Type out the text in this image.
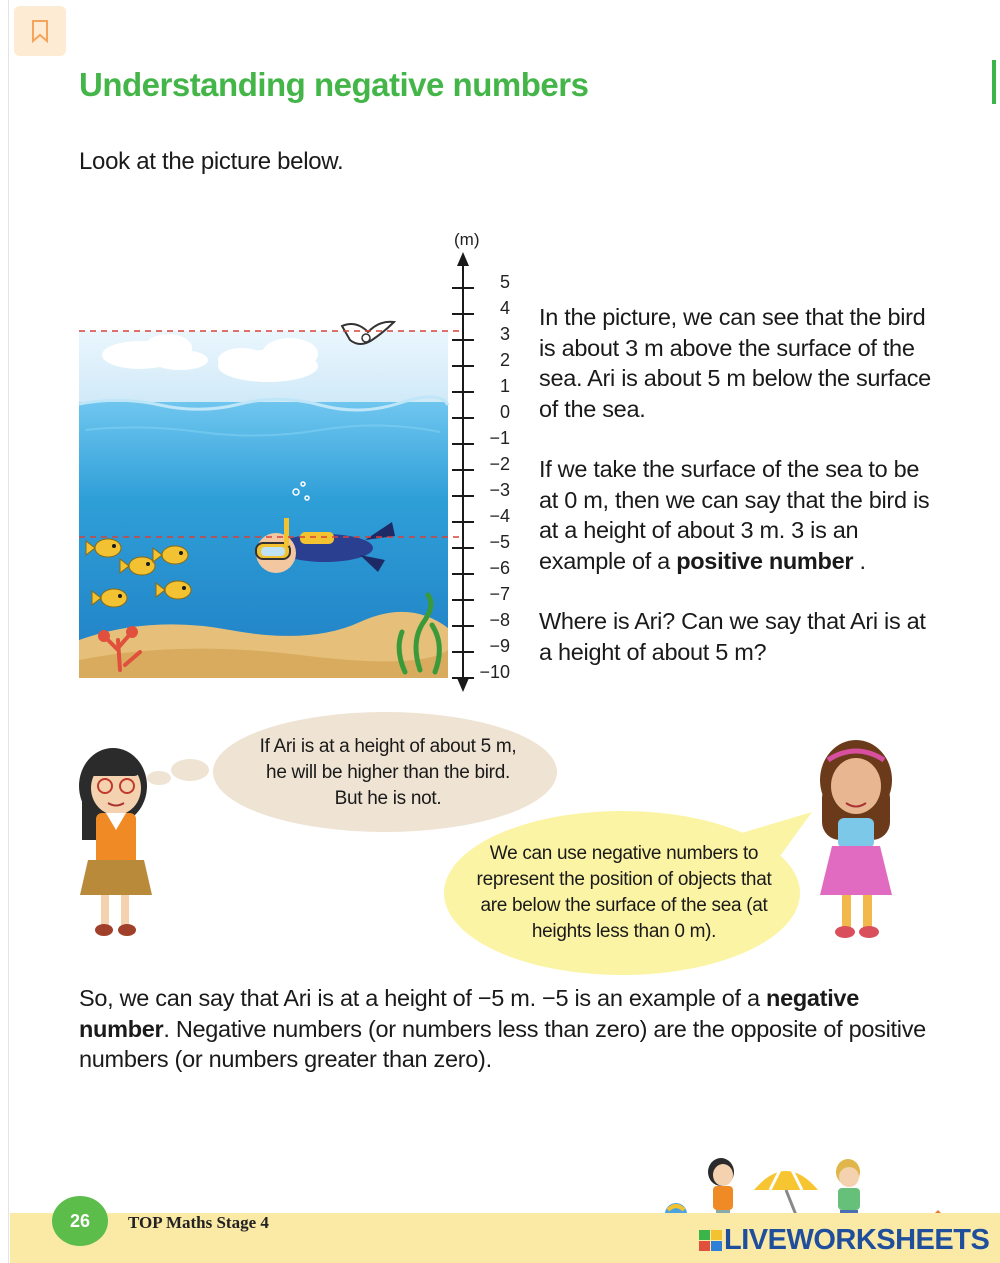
Understanding negative numbers
Look at the picture below.
(m)
5
4
3
2
1
0
−1
−2
−3
−4
−5
−6
−7
−8
−9
−10

In the picture, we can see that the bird is about 3 m above the surface of the sea. Ari is about 5 m below the surface of the sea.

If we take the surface of the sea to be at 0 m, then we can say that the bird is at a height of about 3 m. 3 is an example of a positive number .

Where is Ari? Can we say that Ari is at a height of about 5 m?

If Ari is at a height of about 5 m, he will be higher than the bird. But he is not.
We can use negative numbers to represent the position of objects that are below the surface of the sea (at heights less than 0 m).

So, we can say that Ari is at a height of −5 m. −5 is an example of a negative number. Negative numbers (or numbers less than zero) are the opposite of positive numbers (or numbers greater than zero).

26	TOP Maths Stage 4
LIVEWORKSHEETS
